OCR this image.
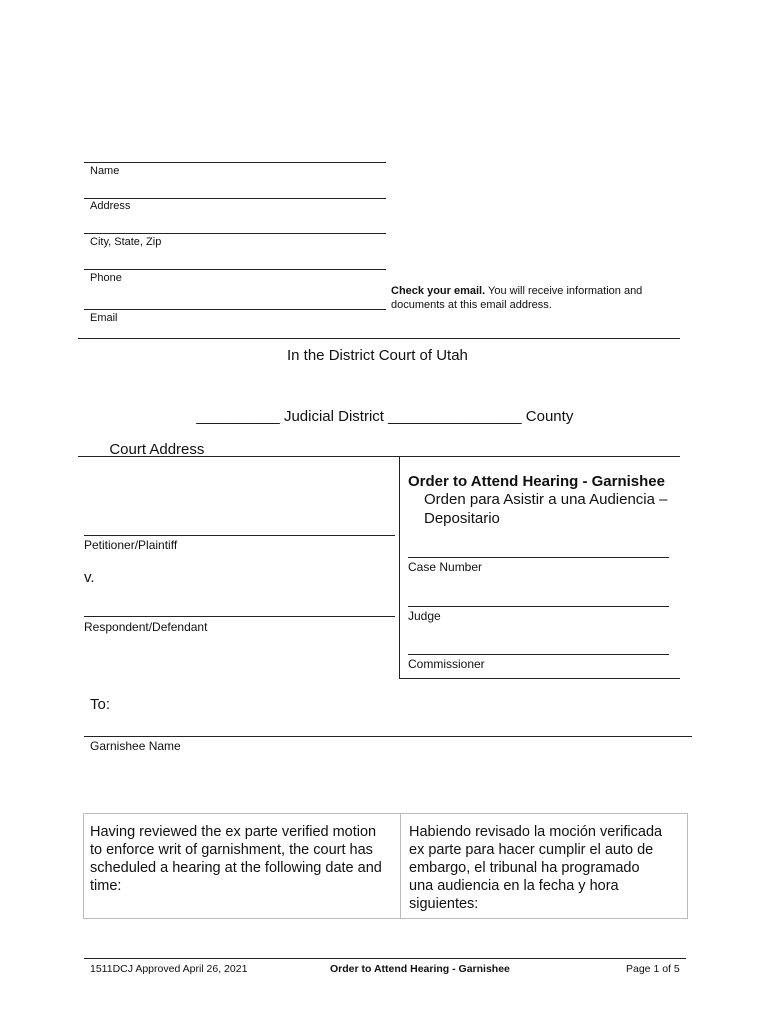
Name
Address
City, State, Zip
Phone
Email
Check your email. You will receive information and
documents at this email address.
In the District Court of Utah

__________ Judicial District ________________ County

Court Address ______________________________________________________

Petitioner/Plaintiff
v.
Respondent/Defendant
Order to Attend Hearing - Garnishee
Orden para Asistir a una Audiencia –
Depositario
Case Number
Judge
Commissioner
To:
Garnishee Name
Having reviewed the ex parte verified motion
to enforce writ of garnishment, the court has
scheduled a hearing at the following date and
time:
Habiendo revisado la moción verificada
ex parte para hacer cumplir el auto de
embargo, el tribunal ha programado
una audiencia en la fecha y hora
siguientes:
1511DCJ Approved April 26, 2021	Order to Attend Hearing - Garnishee	Page 1 of 5
